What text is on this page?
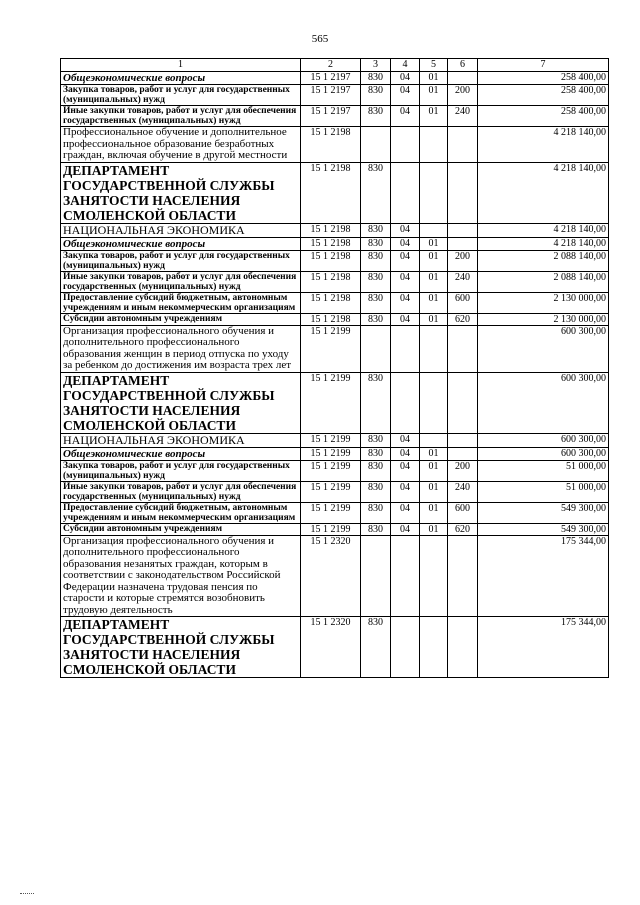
565
1	2	3	4	5	6	7
Общеэкономические вопросы	15 1 2197	830	04	01		258 400,00
Закупка товаров, работ и услуг для государственных (муниципальных) нужд	15 1 2197	830	04	01	200	258 400,00
Иные закупки товаров, работ и услуг для обеспечения государственных (муниципальных) нужд	15 1 2197	830	04	01	240	258 400,00
Профессиональное обучение и дополнительное профессиональное образование безработных граждан, включая обучение в другой местности	15 1 2198					4 218 140,00
ДЕПАРТАМЕНТ ГОСУДАРСТВЕННОЙ СЛУЖБЫ ЗАНЯТОСТИ НАСЕЛЕНИЯ СМОЛЕНСКОЙ ОБЛАСТИ	15 1 2198	830				4 218 140,00
НАЦИОНАЛЬНАЯ ЭКОНОМИКА	15 1 2198	830	04			4 218 140,00
Общеэкономические вопросы	15 1 2198	830	04	01		4 218 140,00
Закупка товаров, работ и услуг для государственных (муниципальных) нужд	15 1 2198	830	04	01	200	2 088 140,00
Иные закупки товаров, работ и услуг для обеспечения государственных (муниципальных) нужд	15 1 2198	830	04	01	240	2 088 140,00
Предоставление субсидий бюджетным, автономным учреждениям и иным некоммерческим организациям	15 1 2198	830	04	01	600	2 130 000,00
Субсидии автономным учреждениям	15 1 2198	830	04	01	620	2 130 000,00
Организация профессионального обучения и дополнительного профессионального образования женщин в период отпуска по уходу за ребенком до достижения им возраста трех лет	15 1 2199					600 300,00
ДЕПАРТАМЕНТ ГОСУДАРСТВЕННОЙ СЛУЖБЫ ЗАНЯТОСТИ НАСЕЛЕНИЯ СМОЛЕНСКОЙ ОБЛАСТИ	15 1 2199	830				600 300,00
НАЦИОНАЛЬНАЯ ЭКОНОМИКА	15 1 2199	830	04			600 300,00
Общеэкономические вопросы	15 1 2199	830	04	01		600 300,00
Закупка товаров, работ и услуг для государственных (муниципальных) нужд	15 1 2199	830	04	01	200	51 000,00
Иные закупки товаров, работ и услуг для обеспечения государственных (муниципальных) нужд	15 1 2199	830	04	01	240	51 000,00
Предоставление субсидий бюджетным, автономным учреждениям и иным некоммерческим организациям	15 1 2199	830	04	01	600	549 300,00
Субсидии автономным учреждениям	15 1 2199	830	04	01	620	549 300,00
Организация профессионального обучения и дополнительного профессионального образования незанятых граждан, которым в соответствии с законодательством Российской Федерации назначена трудовая пенсия по старости и которые стремятся возобновить трудовую деятельность	15 1 2320					175 344,00
ДЕПАРТАМЕНТ ГОСУДАРСТВЕННОЙ СЛУЖБЫ ЗАНЯТОСТИ НАСЕЛЕНИЯ СМОЛЕНСКОЙ ОБЛАСТИ	15 1 2320	830				175 344,00
